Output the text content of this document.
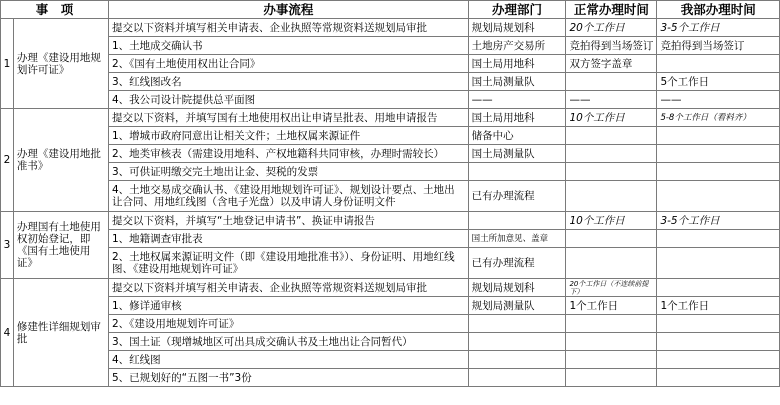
事　项		办事流程	办理部门	正常办理时间	我部办理时间
1	办理《建设用地规划许可证》	提交以下资料并填写相关申请表、企业执照等常规资料送规划局审批	规划局规划科	20个工作日	3-5个工作日
		1、土地成交确认书	土地房产交易所	竞拍得到当场签订	竞拍得到当场签订
		2、《国有土地使用权出让合同》	国土局用地科	双方签字盖章	
		3、红线图改名	国土局测量队		5个工作日
		4、我公司设计院提供总平面图	——	——	——
2	办理《建设用地批准书》	提交以下资料，并填写国有土地使用权出让申请呈批表、用地申请报告	国土局用地科	10个工作日	5-8个工作日（看料齐）
		1、增城市政府同意出让相关文件；土地权属来源证件	储备中心		
		2、地类审核表（需建设用地科、产权地籍科共同审核，办理时需较长）	国土局测量队		
		3、可供证明缴交完土地出让金、契税的发票			
		4、土地交易成交确认书、《建设用地规划许可证》、规划设计要点、土地出让合同、用地红线图（含电子光盘）以及申请人身份证明文件	已有办理流程		
3	办理国有土地使用权初始登记，即《国有土地使用证》	提交以下资料，并填写“土地登记申请书”、换证申请报告		10个工作日	3-5个工作日
		1、地籍调查审批表	国土所加意见、盖章		
		2、土地权属来源证明文件（即《建设用地批准书》）、身份证明、用地红线图、《建设用地规划许可证》	已有办理流程		
4	修建性详细规划审批	提交以下资料并填写相关申请表、企业执照等常规资料送规划局审批	规划局规划科	20个工作日（不连续前提下）	
		1、修详通审核	规划局测量队	1个工作日	1个工作日
		2、《建设用地规划许可证》			
		3、国土证（现增城地区可出具成交确认书及土地出让合同暂代）			
		4、红线图			
		5、已规划好的“五图一书”3份			
